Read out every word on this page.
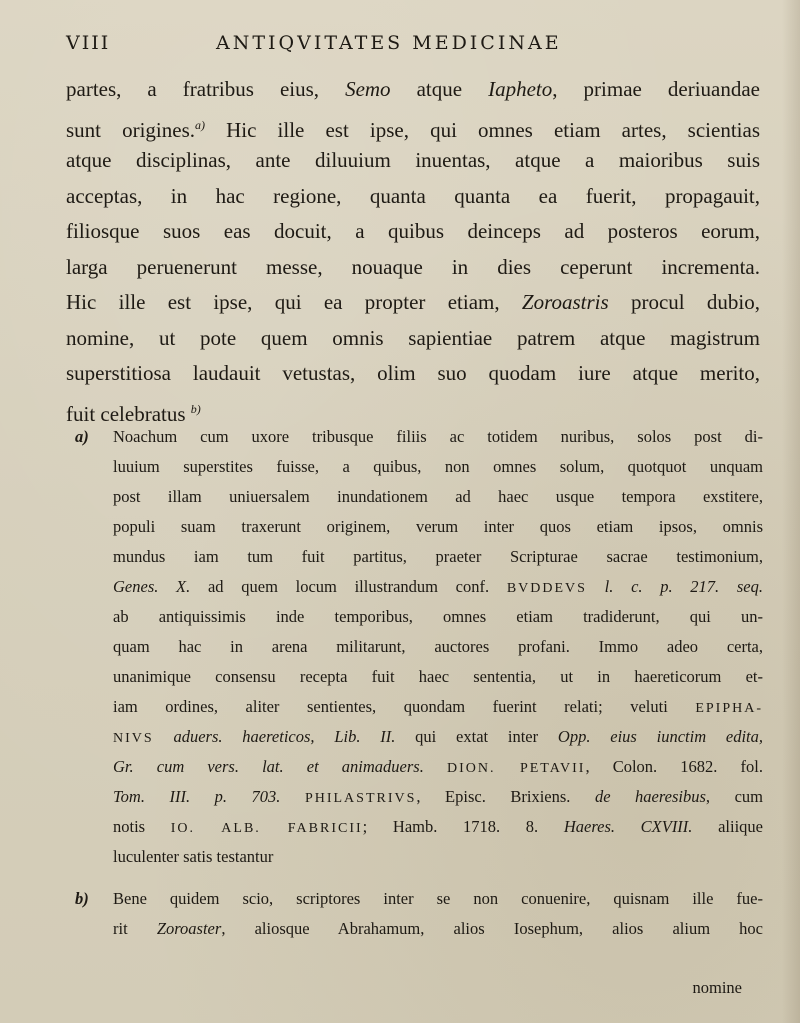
VIII	ANTIQVITATES MEDICINAE
partes, a fratribus eius, Semo atque Iapheto, primae deriuandae
sunt origines.$^{a)}$ Hic ille est ipse, qui omnes etiam artes, scientias
atque disciplinas, ante diluuium inuentas, atque a maioribus suis
acceptas, in hac regione, quanta quanta ea fuerit, propagauit,
filiosque suos eas docuit, a quibus deinceps ad posteros eorum,
larga peruenerunt messe, nouaque in dies ceperunt incrementa.
Hic ille est ipse, qui ea propter etiam, Zoroastris procul dubio,
nomine, ut pote quem omnis sapientiae patrem atque magistrum
superstitiosa laudauit vetustas, olim suo quodam iure atque merito,
fuit celebratus $^{b)}$
a) Noachum cum uxore tribusque filiis ac totidem nuribus, solos post di-
luuium superstites fuisse, a quibus, non omnes solum, quotquot unquam
post illam uniuersalem inundationem ad haec usque tempora exstitere,
populi suam traxerunt originem, verum inter quos etiam ipsos, omnis
mundus iam tum fuit partitus, praeter Scripturae sacrae testimonium,
Genes. X. ad quem locum illustrandum conf. BVDDEVS l. c. p. 217. seq.
ab antiquissimis inde temporibus, omnes etiam tradiderunt, qui un-
quam hac in arena militarunt, auctores profani. Immo adeo certa,
unanimique consensu recepta fuit haec sententia, ut in haereticorum et-
iam ordines, aliter sentientes, quondam fuerint relati; veluti EPIPHA-
NIVS aduers. haereticos, Lib. II. qui extat inter Opp. eius iunctim edita,
Gr. cum vers. lat. et animaduers. DION. PETAVII, Colon. 1682. fol.
Tom. III. p. 703. PHILASTRIVS, Episc. Brixiens. de haeresibus, cum
notis IO. ALB. FABRICII; Hamb. 1718. 8. Haeres. CXVIII. aliique
luculenter satis testantur
b) Bene quidem scio, scriptores inter se non conuenire, quisnam ille fue-
rit Zoroaster, aliosque Abrahamum, alios Iosephum, alios alium hoc
nomine
